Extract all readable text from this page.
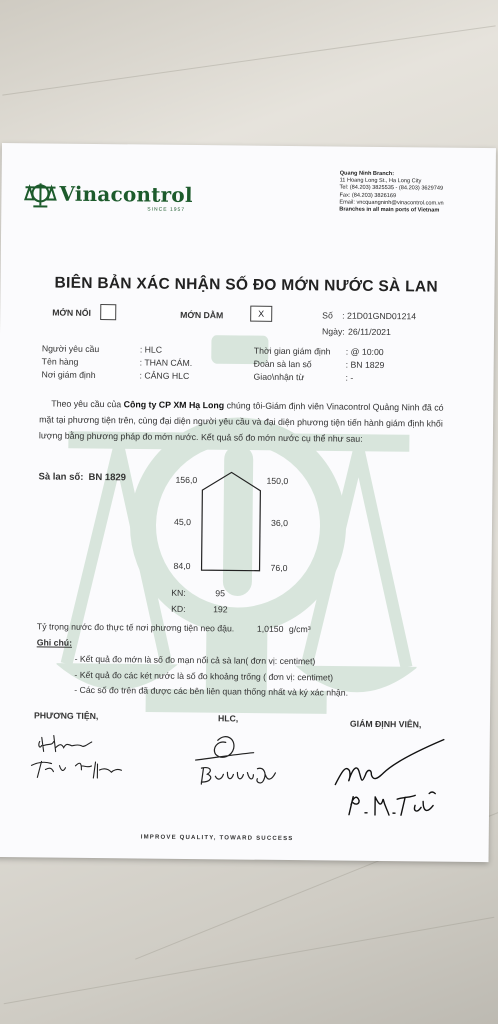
Vinacontrol
SINCE 1957
Quang Ninh Branch:
11 Hoang Long St., Ha Long City
Tel: (84.203) 3825535 - (84.203) 3629749
Fax: (84.203) 3826169
Email: vncquangninh@vinacontrol.com.vn
Branches in all main ports of Vietnam
BIÊN BẢN XÁC NHẬN SỐ ĐO MỚN NƯỚC SÀ LAN
MỚN NỔI	MỚN DẰM	X	Số : 21D01GND01214
Ngày: 26/11/2021
Người yêu cầu	: HLC
Tên hàng	: THAN CÁM.
Nơi giám định	: CẢNG HLC
Thời gian giám định : @ 10:00
Đoàn sà lan số	: BN 1829
Giao\nhận từ	: -
Theo yêu cầu của Công ty CP XM Hạ Long chúng tôi-Giám định viên Vinacontrol Quảng Ninh đã có mặt tại phương tiện trên, cùng đại diện người yêu cầu và đại diện phương tiện tiến hành giám định khối lượng bằng phương pháp đo mớn nước. Kết quả số đo mớn nước cụ thể như sau:
Sà lan số: BN 1829	156,0	150,0
45,0	36,0
84,0	76,0
KN:	95
KD:	192
Tỷ trọng nước đo thực tế nơi phương tiện neo đậu.	1,0150 g/cm³
Ghi chú:
- Kết quả đo mớn là số đo mạn nổi cả sà lan( đơn vị: centimet)
- Kết quả đo các két nước là số đo khoảng trống ( đơn vị: centimet)
- Các số đo trên đã được các bên liên quan thống nhất và ký xác nhận.
PHƯƠNG TIỆN,	HLC,
GIÁM ĐỊNH VIÊN,
IMPROVE QUALITY, TOWARD SUCCESS
